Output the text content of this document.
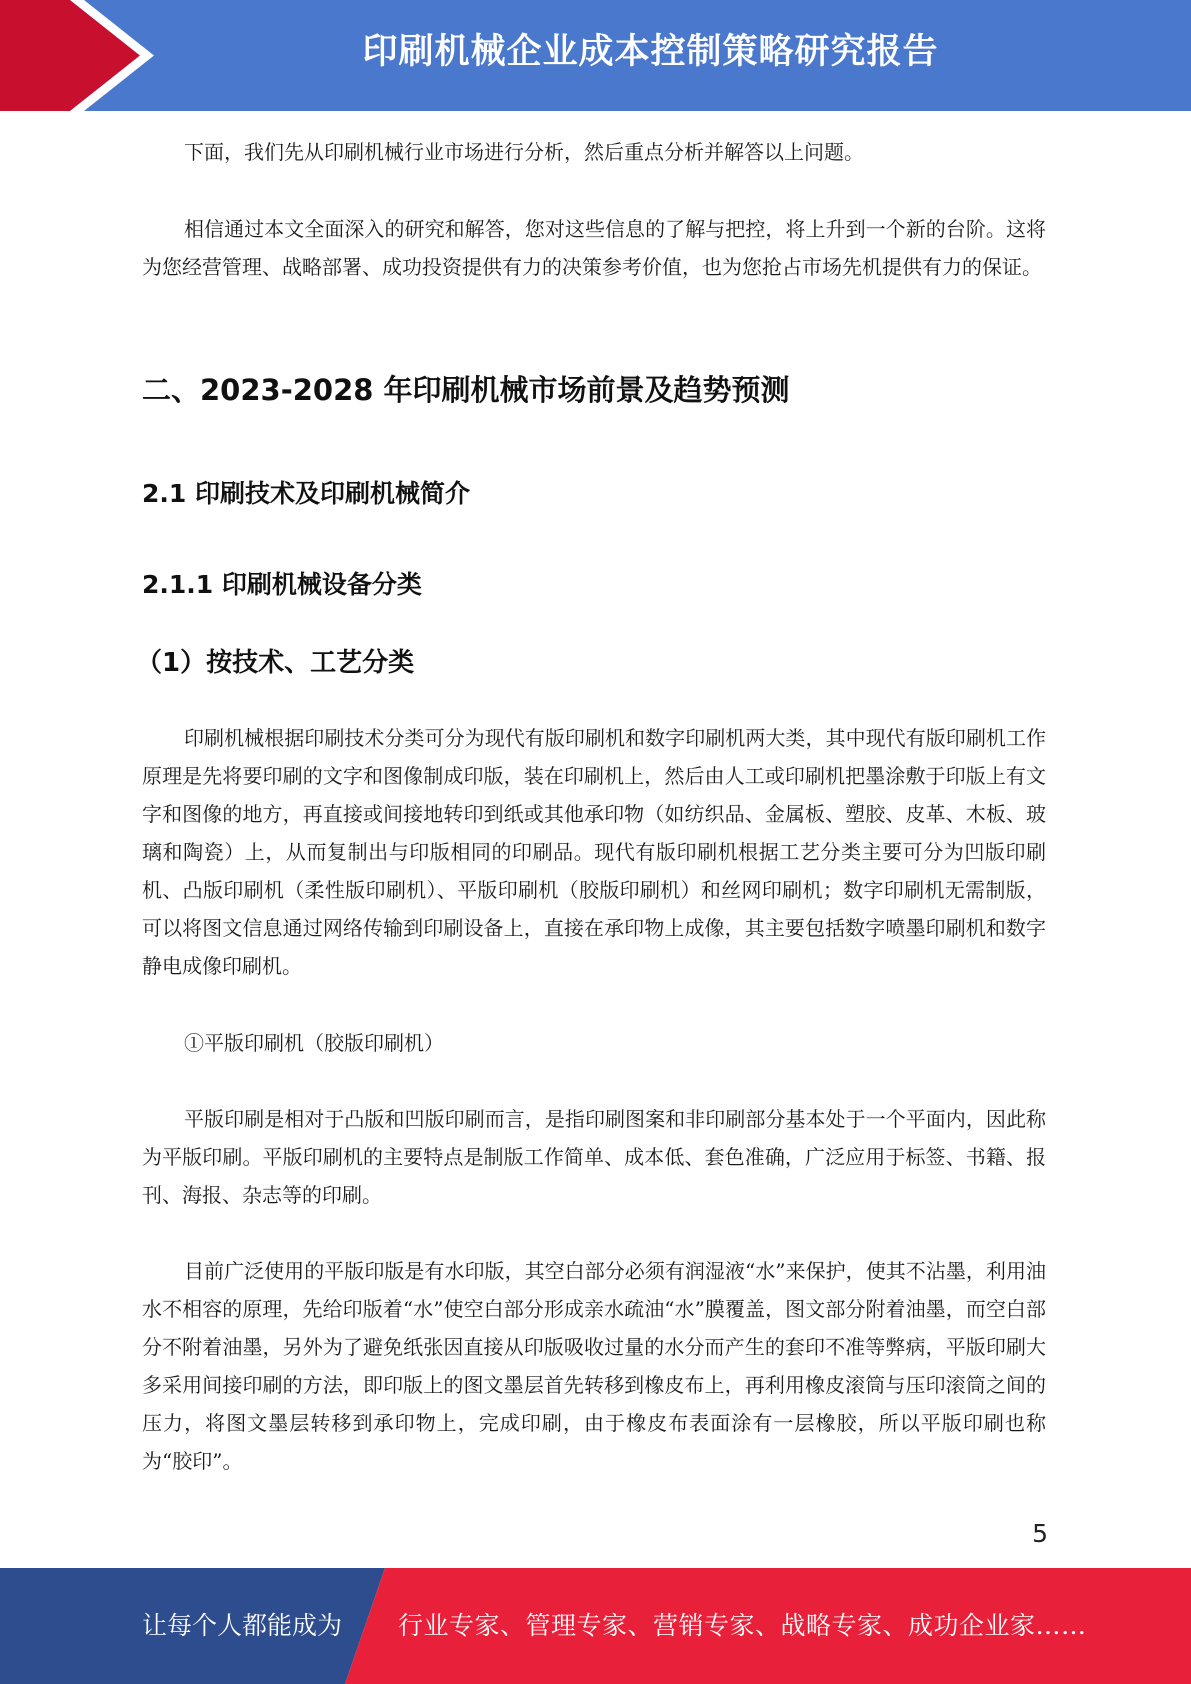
印刷机械企业成本控制策略研究报告

下面，我们先从印刷机械行业市场进行分析，然后重点分析并解答以上问题。

相信通过本文全面深入的研究和解答，您对这些信息的了解与把控，将上升到一个新的台阶。这将为您经营管理、战略部署、成功投资提供有力的决策参考价值，也为您抢占市场先机提供有力的保证。

二、2023-2028 年印刷机械市场前景及趋势预测
2.1 印刷技术及印刷机械简介
2.1.1 印刷机械设备分类
（1）按技术、工艺分类

印刷机械根据印刷技术分类可分为现代有版印刷机和数字印刷机两大类，其中现代有版印刷机工作原理是先将要印刷的文字和图像制成印版，装在印刷机上，然后由人工或印刷机把墨涂敷于印版上有文字和图像的地方，再直接或间接地转印到纸或其他承印物（如纺织品、金属板、塑胶、皮革、木板、玻璃和陶瓷）上，从而复制出与印版相同的印刷品。现代有版印刷机根据工艺分类主要可分为凹版印刷机、凸版印刷机（柔性版印刷机）、平版印刷机（胶版印刷机）和丝网印刷机；数字印刷机无需制版，可以将图文信息通过网络传输到印刷设备上，直接在承印物上成像，其主要包括数字喷墨印刷机和数字静电成像印刷机。

①平版印刷机（胶版印刷机）

平版印刷是相对于凸版和凹版印刷而言，是指印刷图案和非印刷部分基本处于一个平面内，因此称为平版印刷。平版印刷机的主要特点是制版工作简单、成本低、套色准确，广泛应用于标签、书籍、报刊、海报、杂志等的印刷。

目前广泛使用的平版印版是有水印版，其空白部分必须有润湿液“水”来保护，使其不沾墨，利用油水不相容的原理，先给印版着“水”使空白部分形成亲水疏油“水”膜覆盖，图文部分附着油墨，而空白部分不附着油墨，另外为了避免纸张因直接从印版吸收过量的水分而产生的套印不准等弊病，平版印刷大多采用间接印刷的方法，即印版上的图文墨层首先转移到橡皮布上，再利用橡皮滚筒与压印滚筒之间的压力，将图文墨层转移到承印物上，完成印刷，由于橡皮布表面涂有一层橡胶，所以平版印刷也称为“胶印”。

5
让每个人都能成为 行业专家、管理专家、营销专家、战略专家、成功企业家……
